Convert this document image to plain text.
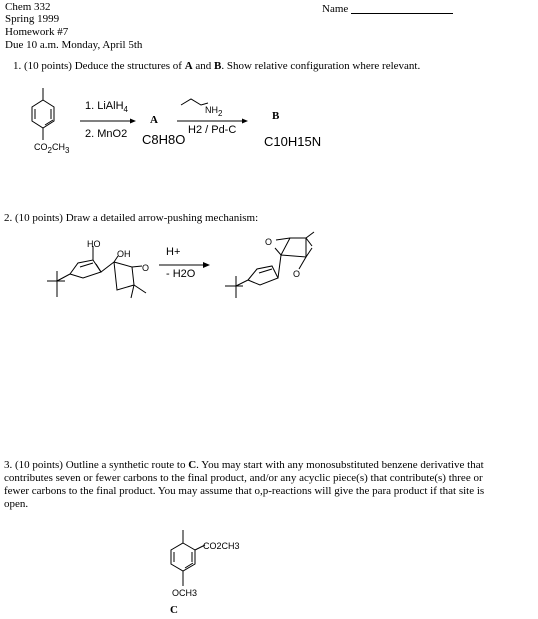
Chem 332
Spring 1999
Homework #7
Due 10 a.m. Monday, April 5th
Name
1. (10 points) Deduce the structures of A and B. Show relative configuration where relevant.
$CO_2CH_3$
1. LiAlH$_4$
2. MnO2
A
C8H8O
$NH_2$
H2 / Pd-C
B
C10H15N
2. (10 points) Draw a detailed arrow-pushing mechanism:
HO
OH
O
H+
- H2O
O
O
3. (10 points) Outline a synthetic route to C. You may start with any monosubstituted benzene derivative that
contributes seven or fewer carbons to the final product, and/or any acyclic piece(s) that contribute(s) three or
fewer carbons to the final product. You may assume that o,p-reactions will give the para product if that site is
open.
CO2CH3
OCH3
C
